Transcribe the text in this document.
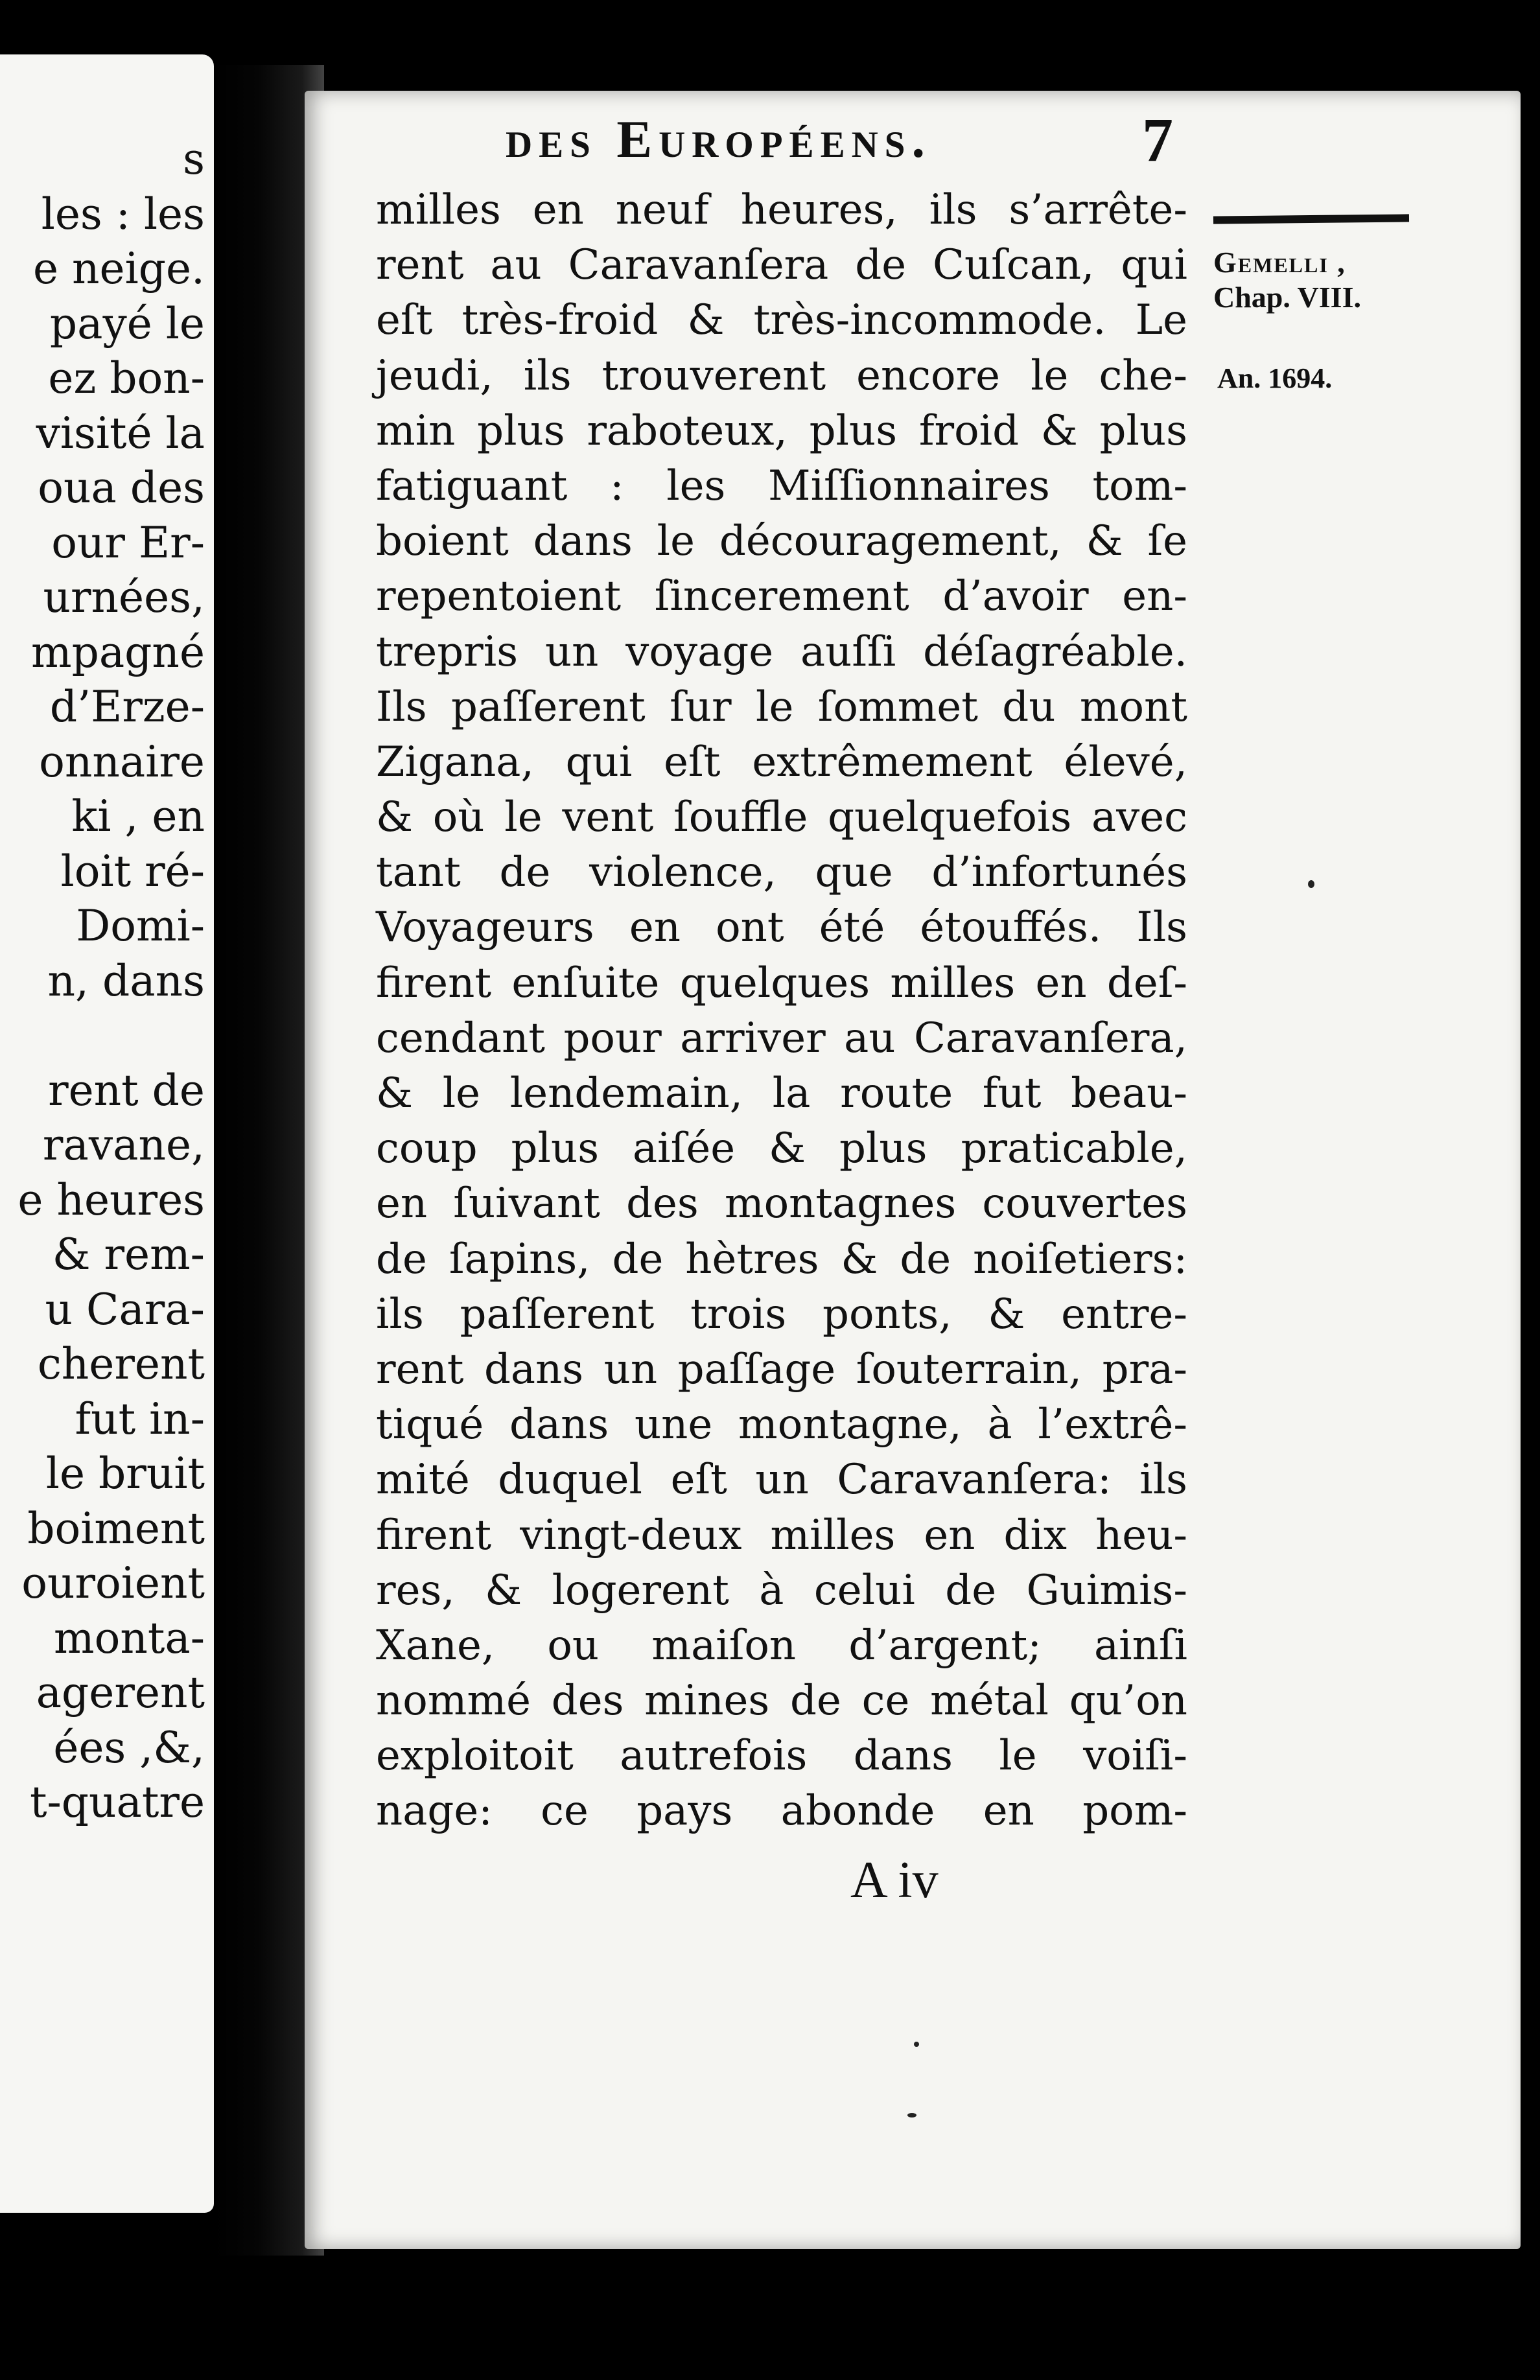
s
les : les
e neige.
payé le
ez bon-
visité la
oua des
our Er-
urnées,
mpagné
d’Erze-
onnaire
ki , en
loit ré-
Domi-
n, dans
rent de
ravane,
e heures
& rem-
u Cara-
cherent
fut in-
le bruit
boiment
ouroient
monta-
agerent
ées ,&,
t-quatre
des Européens.	7
Gemelli ,
Chap. VIII.
An. 1694.
milles en neuf heures, ils s’arrête-
rent au Caravanſera de Cuſcan, qui
eſt très-froid & très-incommode. Le
jeudi, ils trouverent encore le che-
min plus raboteux, plus froid & plus
fatiguant : les Miſſionnaires tom-
boient dans le découragement, & ſe
repentoient ſincerement d’avoir en-
trepris un voyage auſſi déſagréable.
Ils paſſerent ſur le ſommet du mont
Zigana, qui eſt extrêmement élevé,
& où le vent ſouffle quelquefois avec
tant de violence, que d’infortunés
Voyageurs en ont été étouffés. Ils
firent enſuite quelques milles en deſ-
cendant pour arriver au Caravanſera,
& le lendemain, la route fut beau-
coup plus aiſée & plus praticable,
en ſuivant des montagnes couvertes
de ſapins, de hètres & de noiſetiers:
ils paſſerent trois ponts, & entre-
rent dans un paſſage ſouterrain, pra-
tiqué dans une montagne, à l’extrê-
mité duquel eſt un Caravanſera: ils
firent vingt-deux milles en dix heu-
res, & logerent à celui de Guimis-
Xane, ou maiſon d’argent; ainſi
nommé des mines de ce métal qu’on
exploitoit autrefois dans le voiſi-
nage: ce pays abonde en pom-
A iv
